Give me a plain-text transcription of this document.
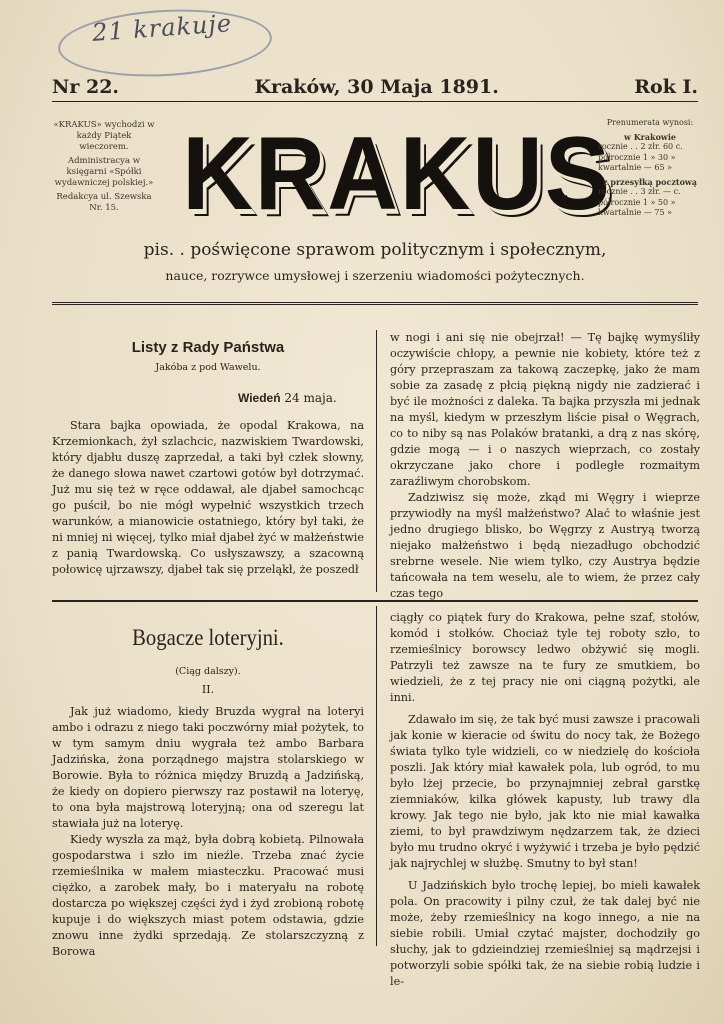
21 krakuje
Nr 22.	Kraków, 30 Maja 1891.	Rok I.

«KRAKUS» wychodzi w każdy Piątek wieczorem.

Administracya w księgarni «Spółki wydawniczej polskiej.»

Redakcya ul. Szewska Nr. 15. KRAKUS
Prenumerata wynosi:
w Krakowie
rocznie . . 2 złr. 60 c.
półrocznie 1 » 30 »
kwartalnie — 65 »
z przesyłką pocztową
rocznie . . 3 złr. — c.
półrocznie 1 » 50 »
kwartalnie — 75 »
pis. . poświęcone sprawom politycznym i społecznym,
nauce, rozrywce umysłowej i szerzeniu wiadomości pożytecznych.
Listy z Rady Państwa
Jakóba z pod Wawelu.
Wiedeń 24 maja.

Stara bajka opowiada, że opodal Krakowa, na Krzemionkach, żył szlachcic, nazwiskiem Twardowski, który djabłu duszę zaprzedał, a taki był człek słowny, że danego słowa nawet czartowi gotów był dotrzymać. Już mu się też w ręce oddawał, ale djabeł samochcąc go puścił, bo nie mógł wypełnić wszystkich trzech warunków, a mianowicie ostatniego, który był taki, że ni mniej ni więcej, tylko miał djabeł żyć w małżeństwie z panią Twardowską. Co usłyszawszy, a szacowną połowicę ujrzawszy, djabeł tak się przeląkł, że poszedł

w nogi i ani się nie obejrzał! — Tę bajkę wymyśliły oczywiście chłopy, a pewnie nie kobiety, które też z góry przepraszam za takową zaczepkę, jako że mam sobie za zasadę z płcią piękną nigdy nie zadzierać i być ile możności z daleka. Ta bajka przyszła mi jednak na myśl, kiedym w przeszłym liście pisał o Węgrach, co to niby są nas Polaków bratanki, a drą z nas skórę, gdzie mogą — i o naszych wieprzach, co zostały okrzyczane jako chore i podległe rozmaitym zaraźliwym chorobskom.

Zadziwisz się może, zkąd mi Węgry i wieprze przywiodły na myśl małżeństwo? Alać to właśnie jest jedno drugiego blisko, bo Węgrzy z Austryą tworzą niejako małżeństwo i będą niezadługo obchodzić srebrne wesele. Nie wiem tylko, czy Austrya będzie tańcowała na tem weselu, ale to wiem, że przez cały czas tego

Bogacze loteryjni.
(Ciąg dalszy).
II.

Jak już wiadomo, kiedy Bruzda wygrał na loteryi ambo i odrazu z niego taki poczwórny miał pożytek, to w tym samym dniu wygrała też ambo Barbara Jadzińska, żona porządnego majstra stolarskiego w Borowie. Była to różnica między Bruzdą a Jadzińską, że kiedy on dopiero pierwszy raz postawił na loteryę, to ona była majstrową loteryjną; ona od szeregu lat stawiała już na loteryę.

Kiedy wyszła za mąż, była dobrą kobietą. Pilnowała gospodarstwa i szło im nieźle. Trzeba znać życie rzemieślnika w małem miasteczku. Pracować musi ciężko, a zarobek mały, bo i materyału na robotę dostarcza po większej części żyd i żyd zrobioną robotę kupuje i do większych miast potem odstawia, gdzie znowu inne żydki sprzedają. Ze stolarszczyzną z Borowa

ciągły co piątek fury do Krakowa, pełne szaf, stołów, komód i stołków. Chociaż tyle tej roboty szło, to rzemieślnicy borowscy ledwo obżywić się mogli. Patrzyli też zawsze na te fury ze smutkiem, bo wiedzieli, że z tej pracy nie oni ciągną pożytki, ale inni.

Zdawało im się, że tak być musi zawsze i pracowali jak konie w kieracie od świtu do nocy tak, że Bożego świata tylko tyle widzieli, co w niedzielę do kościoła poszli. Jak który miał kawałek pola, lub ogród, to mu było lżej przecie, bo przynajmniej zebrał garstkę ziemniaków, kilka główek kapusty, lub trawy dla krowy. Jak tego nie było, jak kto nie miał kawałka ziemi, to był prawdziwym nędzarzem tak, że dzieci było mu trudno okryć i wyżywić i trzeba je było pędzić jak najrychlej w służbę. Smutny to był stan!

U Jadzińskich było trochę lepiej, bo mieli kawałek pola. On pracowity i pilny czuł, że tak dalej być nie może, żeby rzemieślnicy na kogo innego, a nie na siebie robili. Umiał czytać majster, dochodziły go słuchy, jak to gdzieindziej rzemieślniej są mądrzejsi i potworzyli sobie spółki tak, że na siebie robią ludzie i le-
